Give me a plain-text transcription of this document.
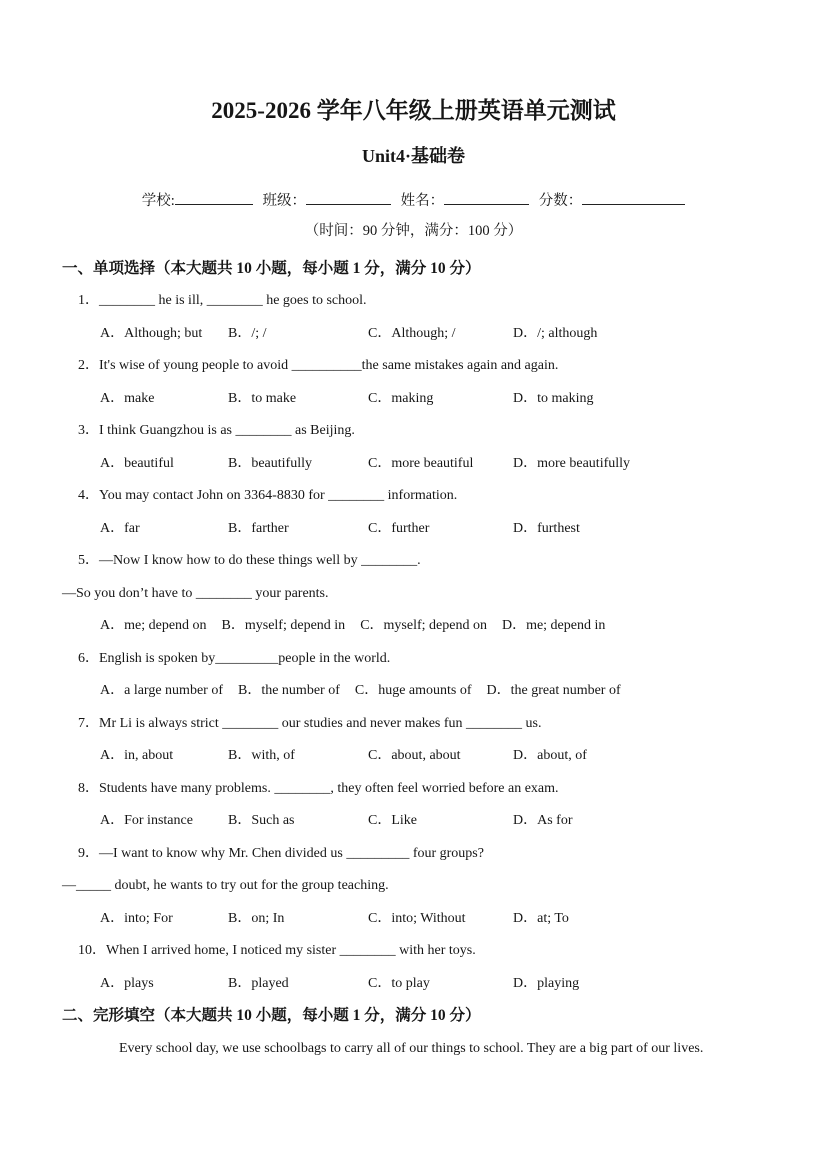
2025-2026 学年八年级上册英语单元测试
Unit4·基础卷
学校:	班级：	姓名：	分数：
（时间：90 分钟，满分：100 分）
一、单项选择（本大题共 10 小题，每小题 1 分，满分 10 分）
1．________ he is ill, ________ he goes to school.
A．Although; but	B．/; /	C．Although; /	D．/; although
2．It's wise of young people to avoid __________the same mistakes again and again.
A．make	B．to make	C．making	D．to making
3．I think Guangzhou is as ________ as Beijing.
A．beautiful	B．beautifully	C．more beautiful	D．more beautifully
4．You may contact John on 3364-8830 for ________ information.
A．far	B．farther	C．further	D．furthest
5．—Now I know how to do these things well by ________.
—So you don’t have to ________ your parents.
A．me; depend on B．myself; depend in C．myself; depend on D．me; depend in
6．English is spoken by_________people in the world.
A．a large number of B．the number of C．huge amounts of D．the great number of
7．Mr Li is always strict ________ our studies and never makes fun ________ us.
A．in, about	B．with, of	C．about, about	D．about, of
8．Students have many problems. ________, they often feel worried before an exam.
A．For instance	B．Such as	C．Like	D．As for
9．—I want to know why Mr. Chen divided us _________ four groups?
—_____ doubt, he wants to try out for the group teaching.
A．into; For	B．on; In	C．into; Without	D．at; To
10．When I arrived home, I noticed my sister ________ with her toys.
A．plays	B．played	C．to play	D．playing
二、完形填空（本大题共 10 小题，每小题 1 分，满分 10 分）

Every school day, we use schoolbags to carry all of our things to school. They are a big part of our lives.
